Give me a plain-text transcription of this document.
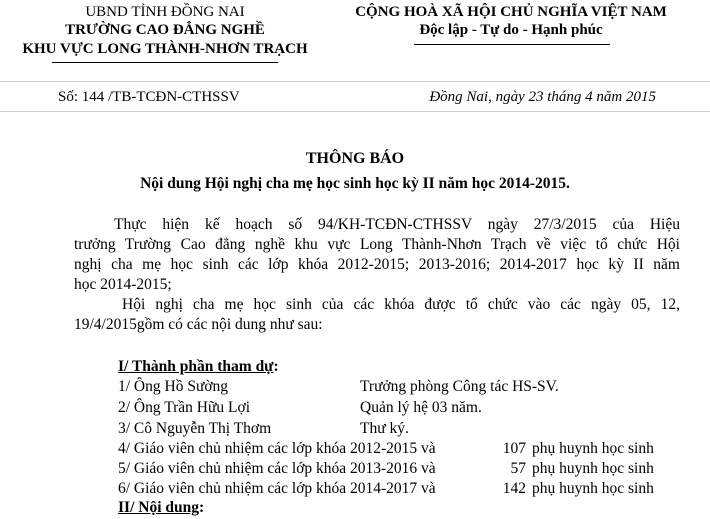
UBND TỈNH ĐỒNG NAI
TRƯỜNG CAO ĐẲNG NGHỀ
KHU VỰC LONG THÀNH-NHƠN TRẠCH
CỘNG HOÀ XÃ HỘI CHỦ NGHĨA VIỆT NAM
Độc lập - Tự do - Hạnh phúc
Số: 144 /TB-TCĐN-CTHSSV	Đồng Nai, ngày 23 tháng 4 năm 2015
THÔNG BÁO
Nội dung Hội nghị cha mẹ học sinh học kỳ II năm học 2014-2015.
Thực hiện kế hoạch số 94/KH-TCĐN-CTHSSV ngày 27/3/2015 của Hiệu
trưởng Trường Cao đẳng nghề khu vực Long Thành-Nhơn Trạch về việc tổ chức Hội
nghị cha mẹ học sinh các lớp khóa 2012-2015; 2013-2016; 2014-2017 học kỳ II năm
học 2014-2015;
Hội nghị cha mẹ học sinh của các khóa được tổ chức vào các ngày 05, 12,
19/4/2015gồm có các nội dung như sau:
I/ Thành phần tham dự:
1/ Ông Hồ Sường	Trưởng phòng Công tác HS-SV.
2/ Ông Trần Hữu Lợi	Quản lý hệ 03 năm.
3/ Cô Nguyễn Thị Thơm	Thư ký.
4/ Giáo viên chủ nhiệm các lớp khóa 2012-2015 và	107 phụ huynh học sinh
5/ Giáo viên chủ nhiệm các lớp khóa 2013-2016 và	57 phụ huynh học sinh
6/ Giáo viên chủ nhiệm các lớp khóa 2014-2017 và	142 phụ huynh học sinh
II/ Nội dung:
